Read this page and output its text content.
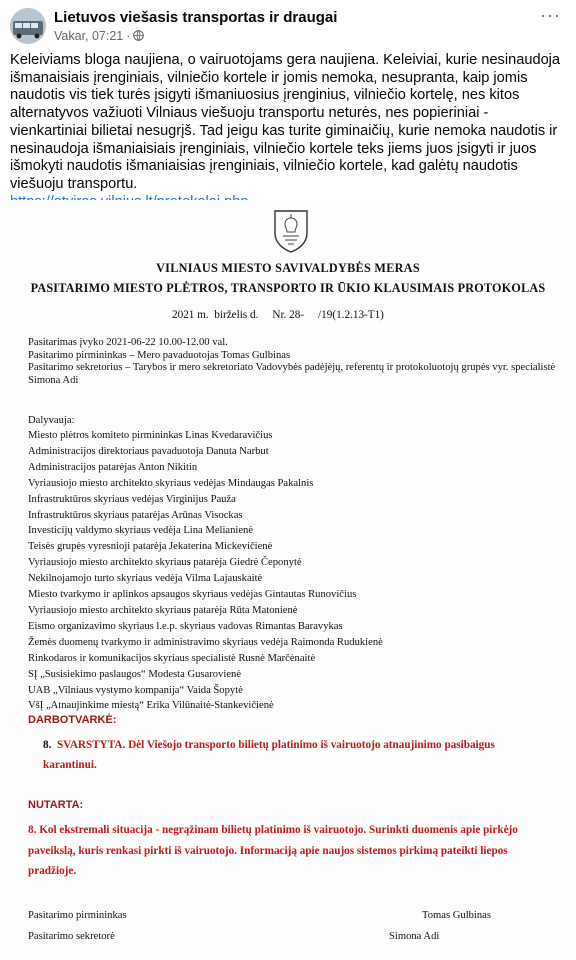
Lietuvos viešasis transportas ir draugai
Vakar, 07:21 ·
···
Keleiviams bloga naujiena, o vairuotojams gera naujiena. Keleiviai, kurie nesinaudoja išmanaisiais įrenginiais, vilniečio kortele ir jomis nemoka, nesupranta, kaip jomis naudotis vis tiek turės įsigyti išmaniuosius įrenginius, vilniečio kortelę, nes kitos alternatyvos važiuoti Vilniaus viešuoju transportu neturės, nes popieriniai - vienkartiniai bilietai nesugrįš. Tad jeigu kas turite giminaičių, kurie nemoka naudotis ir nesinaudoja išmaniaisiais įrenginiais, vilniečio kortele teks jiems juos įsigyti ir juos išmokyti naudotis išmaniaisias įrenginiais, vilniečio kortele, kad galėtų naudotis viešuoju transportu.
VILNIAUS MIESTO SAVIVALDYBĖS MERAS
PASITARIMO MIESTO PLĖTROS, TRANSPORTO IR ŪKIO KLAUSIMAIS PROTOKOLAS
2021 m.  birželis d.     Nr. 28-     /19(1.2.13-T1)
Pasitarimas įvyko 2021-06-22 10.00-12.00 val.
Pasitarimo pirmininkas – Mero pavaduotojas Tomas Gulbinas
Pasitarimo sekretorius – Tarybos ir mero sekretoriato Vadovybės padėjėjų, referentų ir protokoluotojų grupės vyr. specialistė Simona Adi
Dalyvauja:
Miesto plėtros komiteto pirmininkas Linas Kvedaravičius
Administracijos direktoriaus pavaduotoja Danuta Narbut
Administracijos patarėjas Anton Nikitin
Vyriausiojo miesto architekto skyriaus vedėjas Mindaugas Pakalnis
Infrastruktūros skyriaus vedėjas Virginijus Pauža
Infrastruktūros skyriaus patarėjas Arūnas Visockas
Investicijų valdymo skyriaus vedėja Lina Melianienė
Teisės grupės vyresnioji patarėja Jekaterina Mickevičienė
Vyriausiojo miesto architekto skyriaus patarėja Giedrė Čeponytė
Nekilnojamojo turto skyriaus vedėja Vilma Lajauskaitė
Miesto tvarkymo ir aplinkos apsaugos skyriaus vedėjas Gintautas Runovičius
Vyriausiojo miesto architekto skyriaus patarėja Rūta Matonienė
Eismo organizavimo skyriaus l.e.p. skyriaus vadovas Rimantas Baravykas
Žemės duomenų tvarkymo ir administravimo skyriaus vedėja Raimonda Rudukienė
Rinkodaros ir komunikacijos skyriaus specialistė Rusnė Marčėnaitė
SĮ „Susisiekimo paslaugos“ Modesta Gusarovienė
UAB „Vilniaus vystymo kompanija“ Vaida Šopytė
VšĮ „Atnaujinkime miestą“ Erika Vilūnaitė-Stankevičienė
DARBOTVARKĖ:
8. SVARSTYTA. Dėl Viešojo transporto bilietų platinimo iš vairuotojo atnaujinimo pasibaigus karantinui.
NUTARTA:
8. Kol ekstremali situacija - negrąžinam bilietų platinimo iš vairuotojo. Surinkti duomenis apie pirkėjo paveikslą, kuris renkasi pirkti iš vairuotojo. Informaciją apie naujos sistemos pirkimą pateikti liepos pradžioje.
Pasitarimo pirmininkas	Tomas Gulbinas
Pasitarimo sekretorė	Simona Adi
